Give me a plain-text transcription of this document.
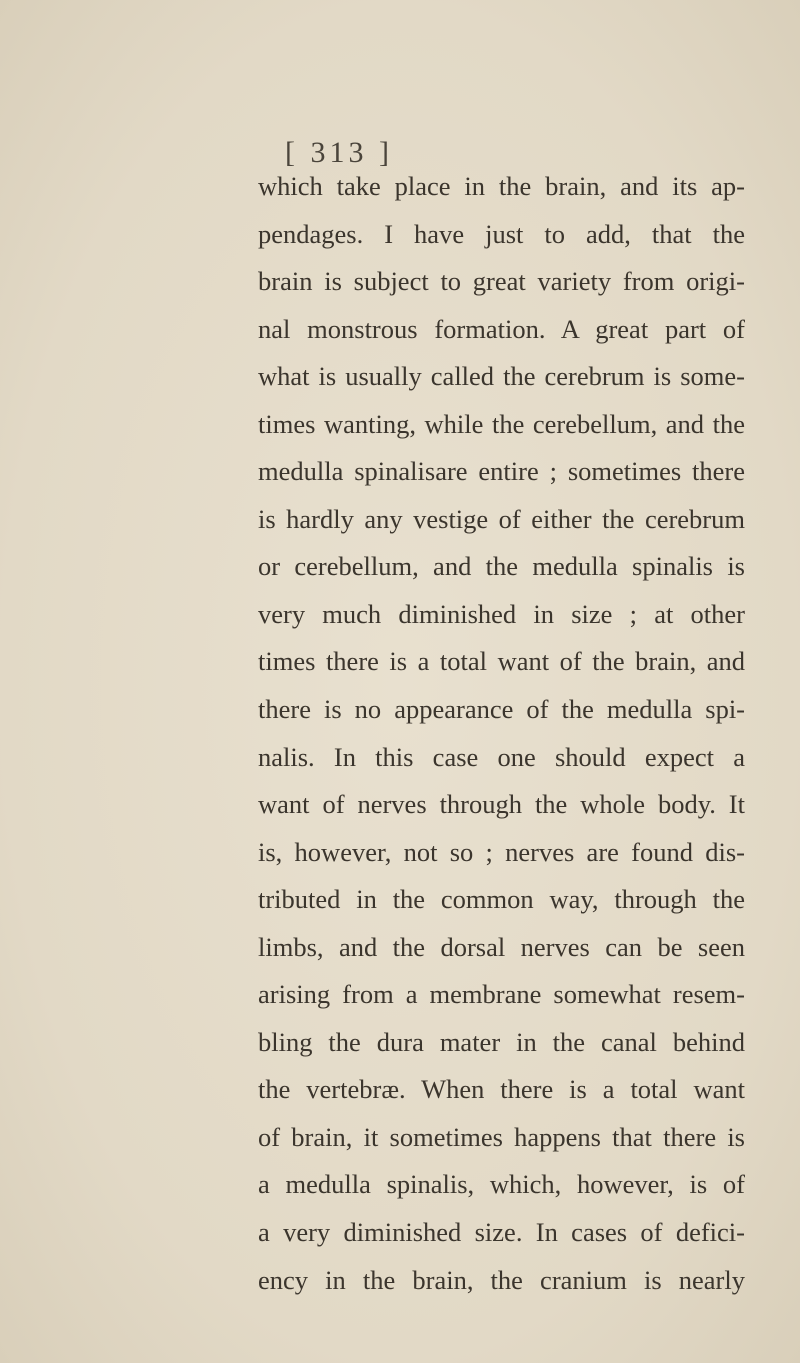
[ 313 ]
which take place in the brain, and its ap-
pendages. I have just to add, that the
brain is subject to great variety from origi-
nal monstrous formation. A great part of
what is usually called the cerebrum is some-
times wanting, while the cerebellum, and the
medulla spinalisare entire ; sometimes there
is hardly any vestige of either the cerebrum
or cerebellum, and the medulla spinalis is
very much diminished in size ; at other
times there is a total want of the brain, and
there is no appearance of the medulla spi-
nalis. In this case one should expect a
want of nerves through the whole body. It
is, however, not so ; nerves are found dis-
tributed in the common way, through the
limbs, and the dorsal nerves can be seen
arising from a membrane somewhat resem-
bling the dura mater in the canal behind
the vertebræ. When there is a total want
of brain, it sometimes happens that there is
a medulla spinalis, which, however, is of
a very diminished size. In cases of defici-
ency in the brain, the cranium is nearly
